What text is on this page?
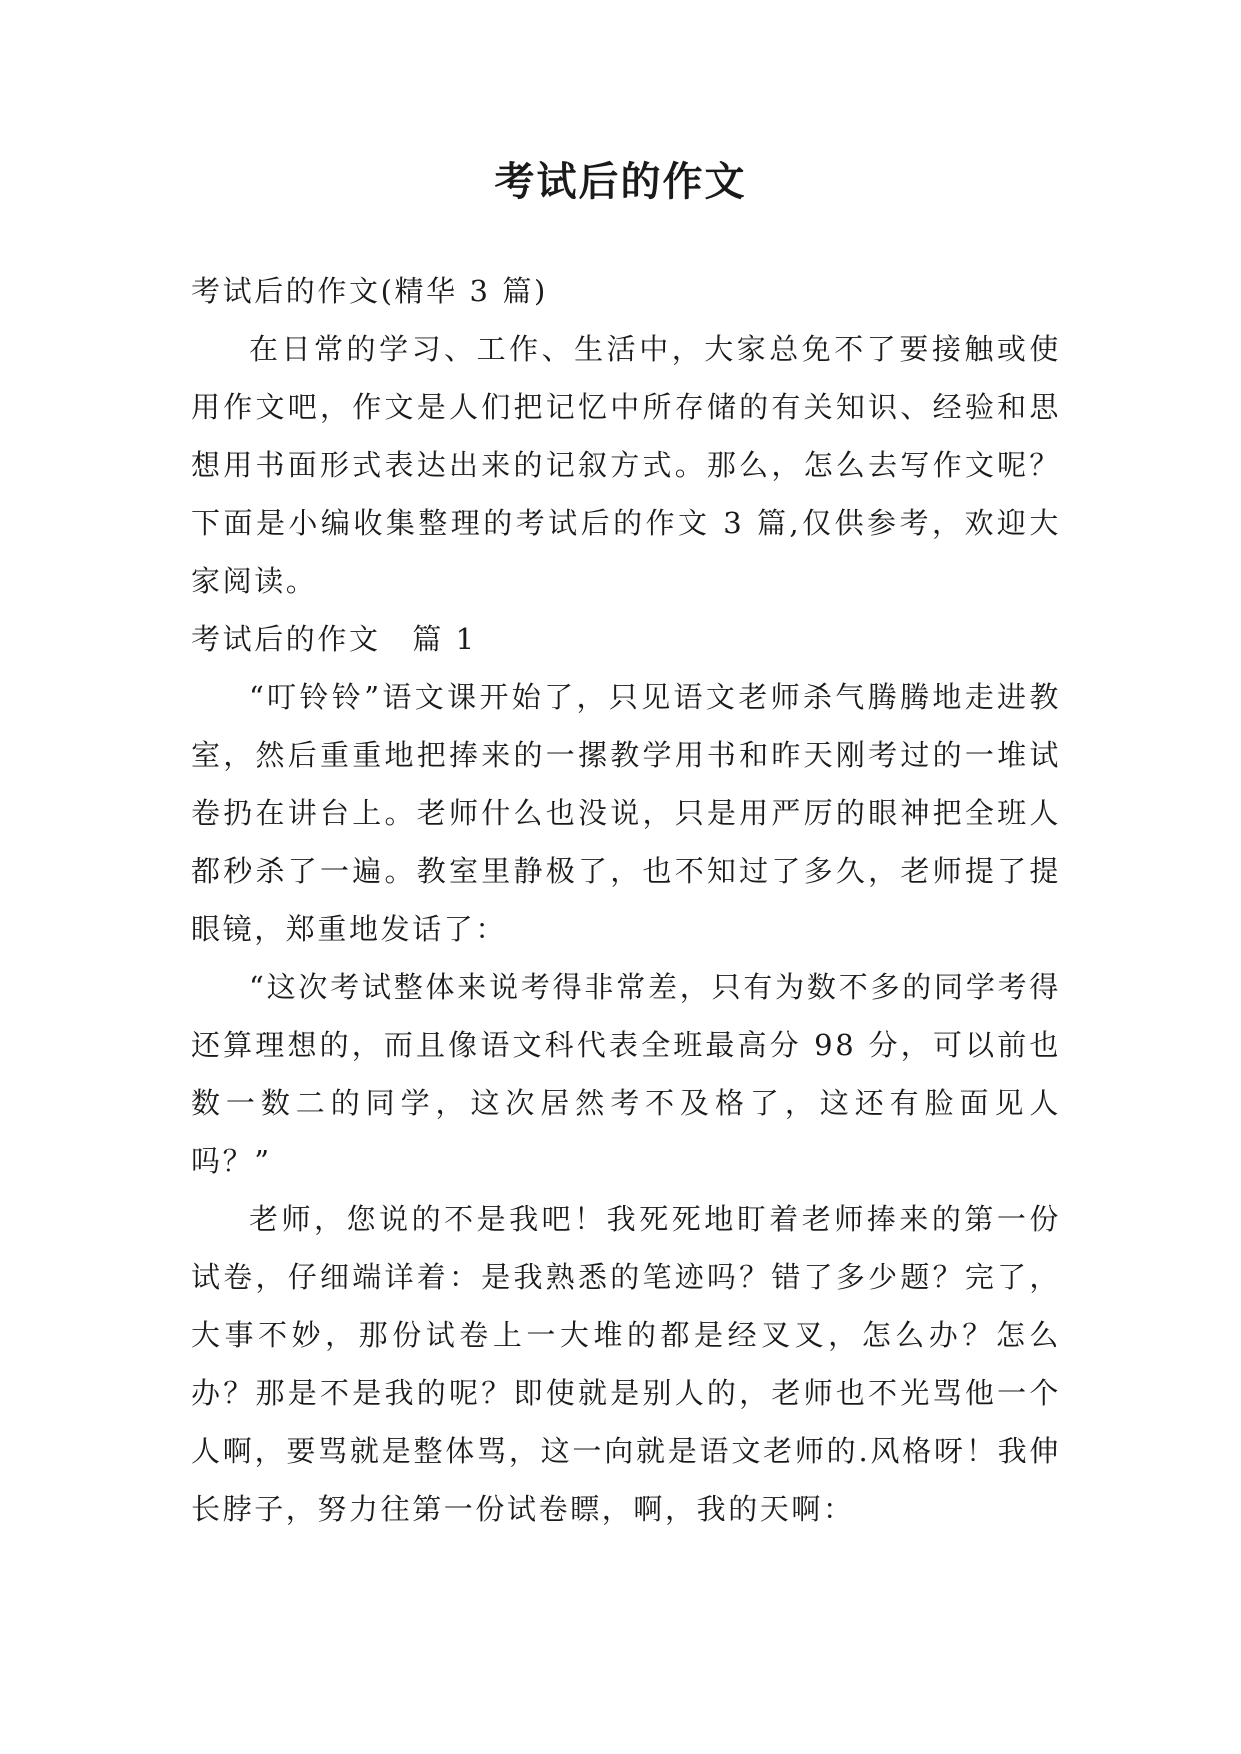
考试后的作文

考试后的作文(精华 3 篇)

在日常的学习、工作、生活中，大家总免不了要接触或使用作文吧，作文是人们把记忆中所存储的有关知识、经验和思想用书面形式表达出来的记叙方式。那么，怎么去写作文呢？下面是小编收集整理的考试后的作文 3 篇,仅供参考，欢迎大家阅读。

考试后的作文　篇 1

“叮铃铃”语文课开始了，只见语文老师杀气腾腾地走进教室，然后重重地把捧来的一摞教学用书和昨天刚考过的一堆试卷扔在讲台上。老师什么也没说，只是用严厉的眼神把全班人都秒杀了一遍。教室里静极了，也不知过了多久，老师提了提眼镜，郑重地发话了：

“这次考试整体来说考得非常差，只有为数不多的同学考得还算理想的，而且像语文科代表全班最高分 98 分，可以前也数一数二的同学，这次居然考不及格了，这还有脸面见人吗？”

老师，您说的不是我吧！我死死地盯着老师捧来的第一份试卷，仔细端详着：是我熟悉的笔迹吗？错了多少题？完了，大事不妙，那份试卷上一大堆的都是经叉叉，怎么办？怎么办？那是不是我的呢？即使就是别人的，老师也不光骂他一个人啊，要骂就是整体骂，这一向就是语文老师的.风格呀！我伸长脖子，努力往第一份试卷瞟，啊，我的天啊：
